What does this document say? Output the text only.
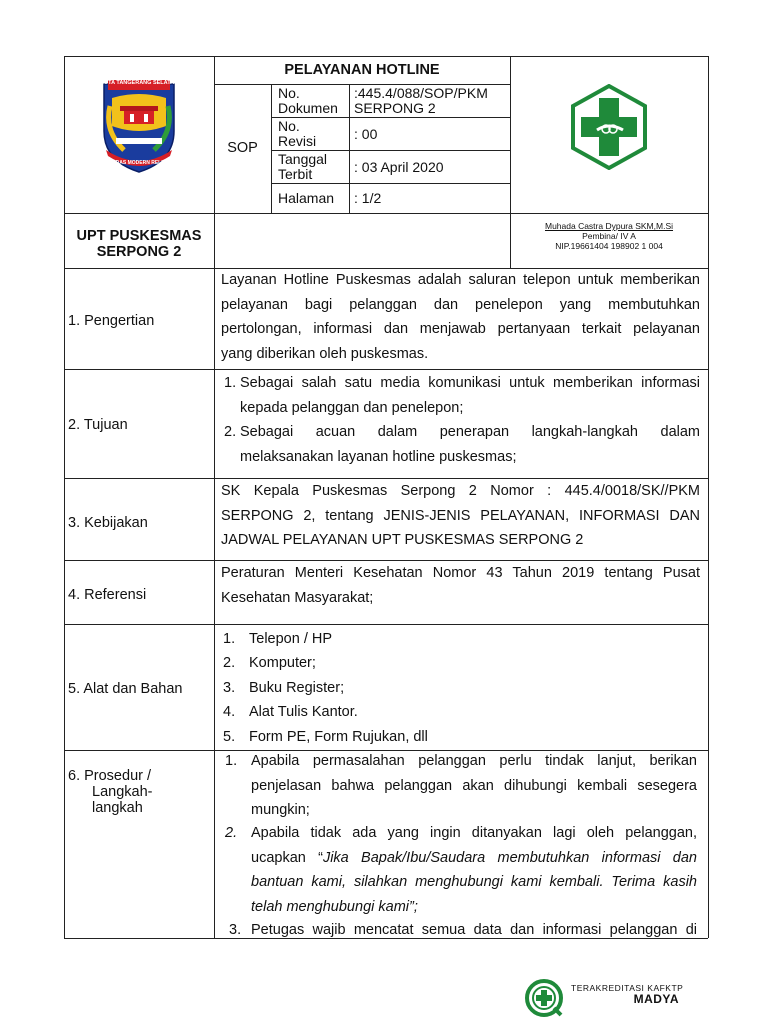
KOTA TANGERANG SELATAN
CERDAS MODERN RELIGIUS
PELAYANAN HOTLINE
SOP
No.
Dokumen
No.
Revisi
Tanggal
Terbit
Halaman
:445.4/088/SOP/PKM
SERPONG 2
: 00
: 03 April 2020
: 1/2
UPT PUSKESMAS
SERPONG 2
Muhada Castra Dypura SKM,M.Si
Pembina/ IV A
NIP.19661404 198902 1 004
1. Pengertian
Layanan Hotline Puskesmas adalah saluran telepon untuk memberikan
pelayanan bagi pelanggan dan penelepon yang membutuhkan
pertolongan, informasi dan menjawab pertanyaan terkait pelayanan
yang diberikan oleh puskesmas.
2. Tujuan
1.
2.
Sebagai salah satu media komunikasi untuk memberikan informasi
kepada pelanggan dan penelepon;
Sebagai acuan dalam penerapan langkah-langkah dalam
melaksanakan layanan hotline puskesmas;
3. Kebijakan
SK Kepala Puskesmas Serpong 2 Nomor : 445.4/0018/SK//PKM
SERPONG 2, tentang JENIS-JENIS PELAYANAN, INFORMASI DAN
JADWAL PELAYANAN UPT PUSKESMAS SERPONG 2
4. Referensi
Peraturan Menteri Kesehatan Nomor 43 Tahun 2019 tentang Pusat
Kesehatan Masyarakat;
5. Alat dan Bahan
1.
2.
3.
4.
5.
Telepon / HP
Komputer;
Buku Register;
Alat Tulis Kantor.
Form PE, Form Rujukan, dll
6. Prosedur /
Langkah-
langkah
1. Apabila permasalahan pelanggan perlu tindak lanjut, berikan
penjelasan bahwa pelanggan akan dihubungi kembali sesegera
mungkin;
2. Apabila tidak ada yang ingin ditanyakan lagi oleh pelanggan,
ucapkan “Jika Bapak/Ibu/Saudara membutuhkan informasi dan
bantuan kami, silahkan menghubungi kami kembali. Terima kasih
telah menghubungi kami”;
3. Petugas wajib mencatat semua data dan informasi pelanggan di
TERAKREDITASI KAFKTP
MADYA
